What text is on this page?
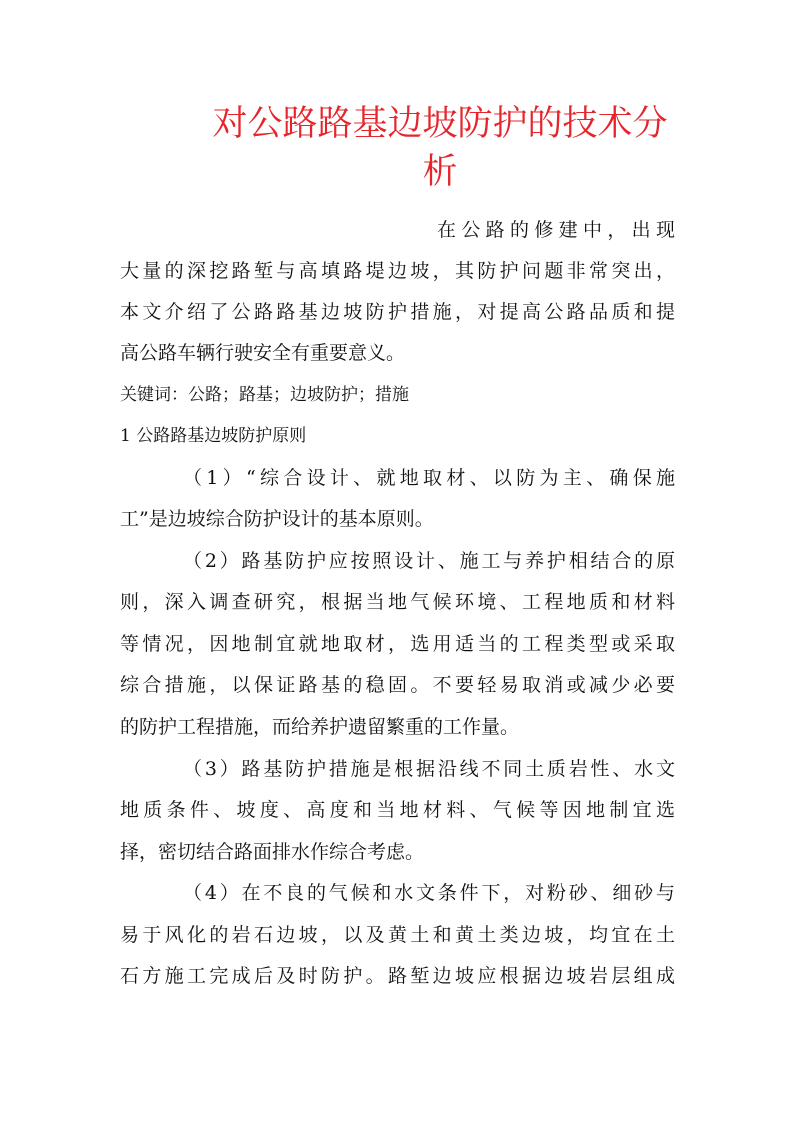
对公路路基边坡防护的技术分
析
在公路的修建中，出现
大量的深挖路堑与高填路堤边坡，其防护问题非常突出，
本文介绍了公路路基边坡防护措施，对提高公路品质和提
高公路车辆行驶安全有重要意义。
关键词：公路；路基；边坡防护；措施
1 公路路基边坡防护原则
（1）“综合设计、就地取材、以防为主、确保施
工”是边坡综合防护设计的基本原则。
（2）路基防护应按照设计、施工与养护相结合的原
则，深入调查研究，根据当地气候环境、工程地质和材料
等情况，因地制宜就地取材，选用适当的工程类型或采取
综合措施，以保证路基的稳固。不要轻易取消或减少必要
的防护工程措施，而给养护遗留繁重的工作量。
（3）路基防护措施是根据沿线不同土质岩性、水文
地质条件、坡度、高度和当地材料、气候等因地制宜选
择，密切结合路面排水作综合考虑。
（4）在不良的气候和水文条件下，对粉砂、细砂与
易于风化的岩石边坡，以及黄土和黄土类边坡，均宜在土
石方施工完成后及时防护。路堑边坡应根据边坡岩层组成
